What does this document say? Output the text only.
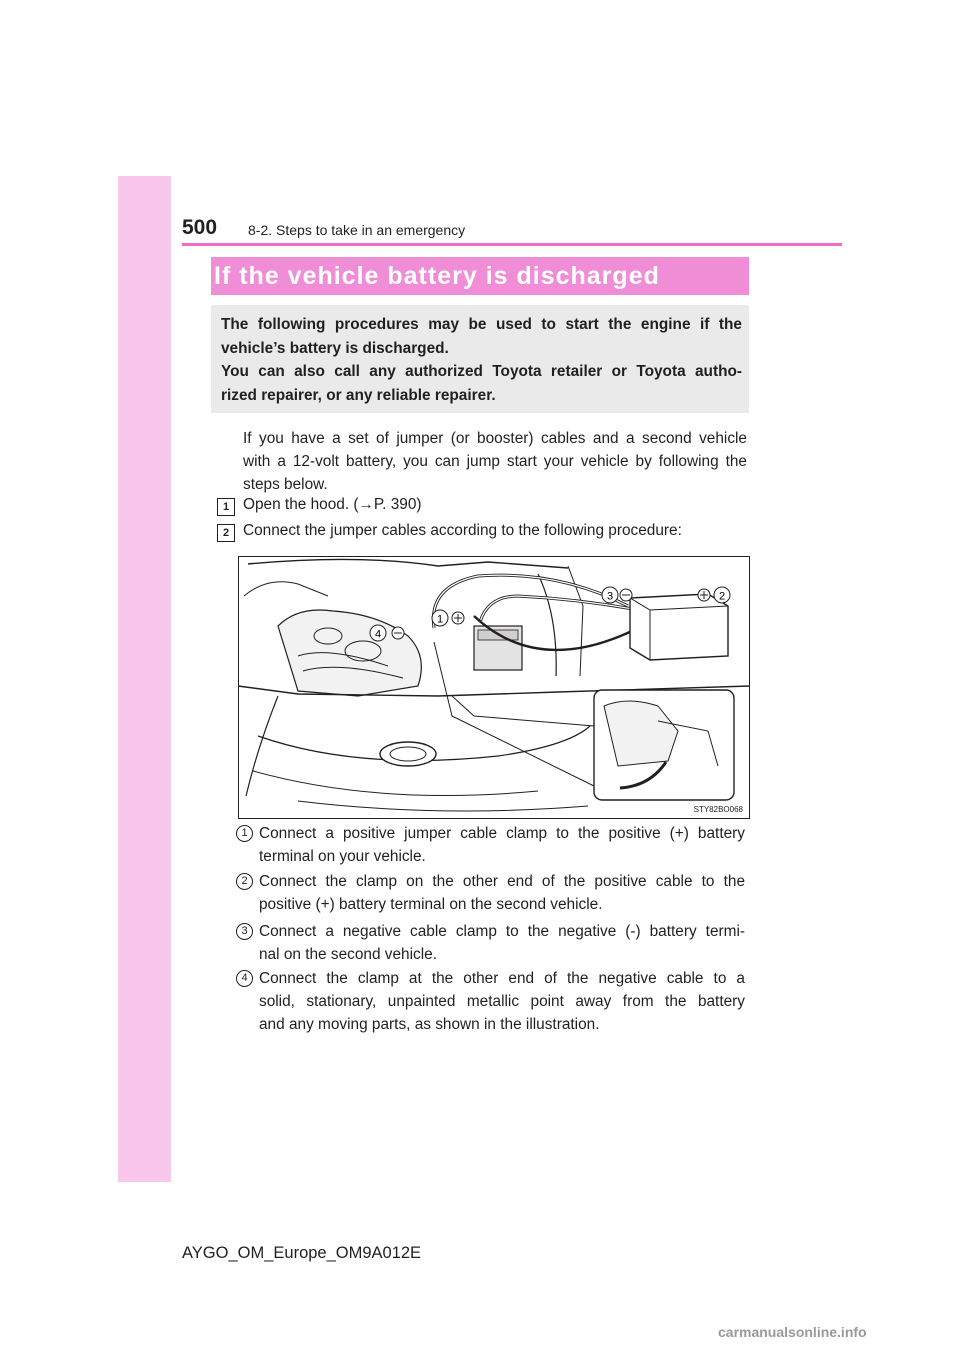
500 8-2. Steps to take in an emergency
If the vehicle battery is discharged
The following procedures may be used to start the engine if the
vehicle’s battery is discharged.
You can also call any authorized Toyota retailer or Toyota autho-
rized repairer, or any reliable repairer.
If you have a set of jumper (or booster) cables and a second vehicle
with a 12-volt battery, you can jump start your vehicle by following the
steps below.
1 Open the hood. (→P. 390)
2 Connect the jumper cables according to the following procedure:
1
2
3
4
STY82BO068
1 Connect a positive jumper cable clamp to the positive (+) battery
terminal on your vehicle.
2 Connect the clamp on the other end of the positive cable to the
positive (+) battery terminal on the second vehicle.
3 Connect a negative cable clamp to the negative (-) battery termi-
nal on the second vehicle.
4 Connect the clamp at the other end of the negative cable to a
solid, stationary, unpainted metallic point away from the battery
and any moving parts, as shown in the illustration.
AYGO_OM_Europe_OM9A012E
carmanualsonline.info
